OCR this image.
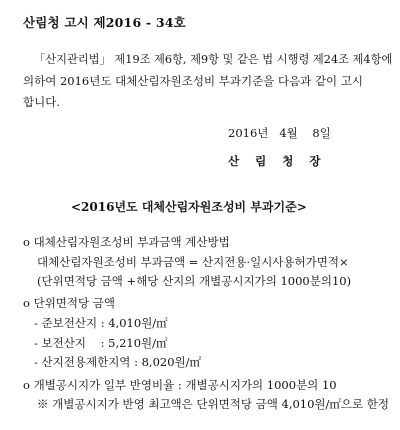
산림청 고시 제2016 - 34호
「산지관리법」 제19조 제6항, 제9항 및 같은 법 시행령 제24조 제4항에
의하여 2016년도 대체산림자원조성비 부과기준을 다음과 같이 고시
합니다.
2016년   4월    8일
산   림   청   장
<2016년도 대체산림자원조성비 부과기준>
o 대체산림자원조성비 부과금액 계산방법
대체산림자원조성비 부과금액 = 산지전용·일시사용허가면적×
(단위면적당 금액 +해당 산지의 개별공시지가의 1000분의10)
o 단위면적당 금액
- 준보전산지 : 4,010원/㎡
- 보전산지    : 5,210원/㎡
- 산지전용제한지역 : 8,020원/㎡
o 개별공시지가 일부 반영비율 : 개별공시지가의 1000분의 10
※ 개별공시지가 반영 최고액은 단위면적당 금액 4,010원/㎡으로 한정
